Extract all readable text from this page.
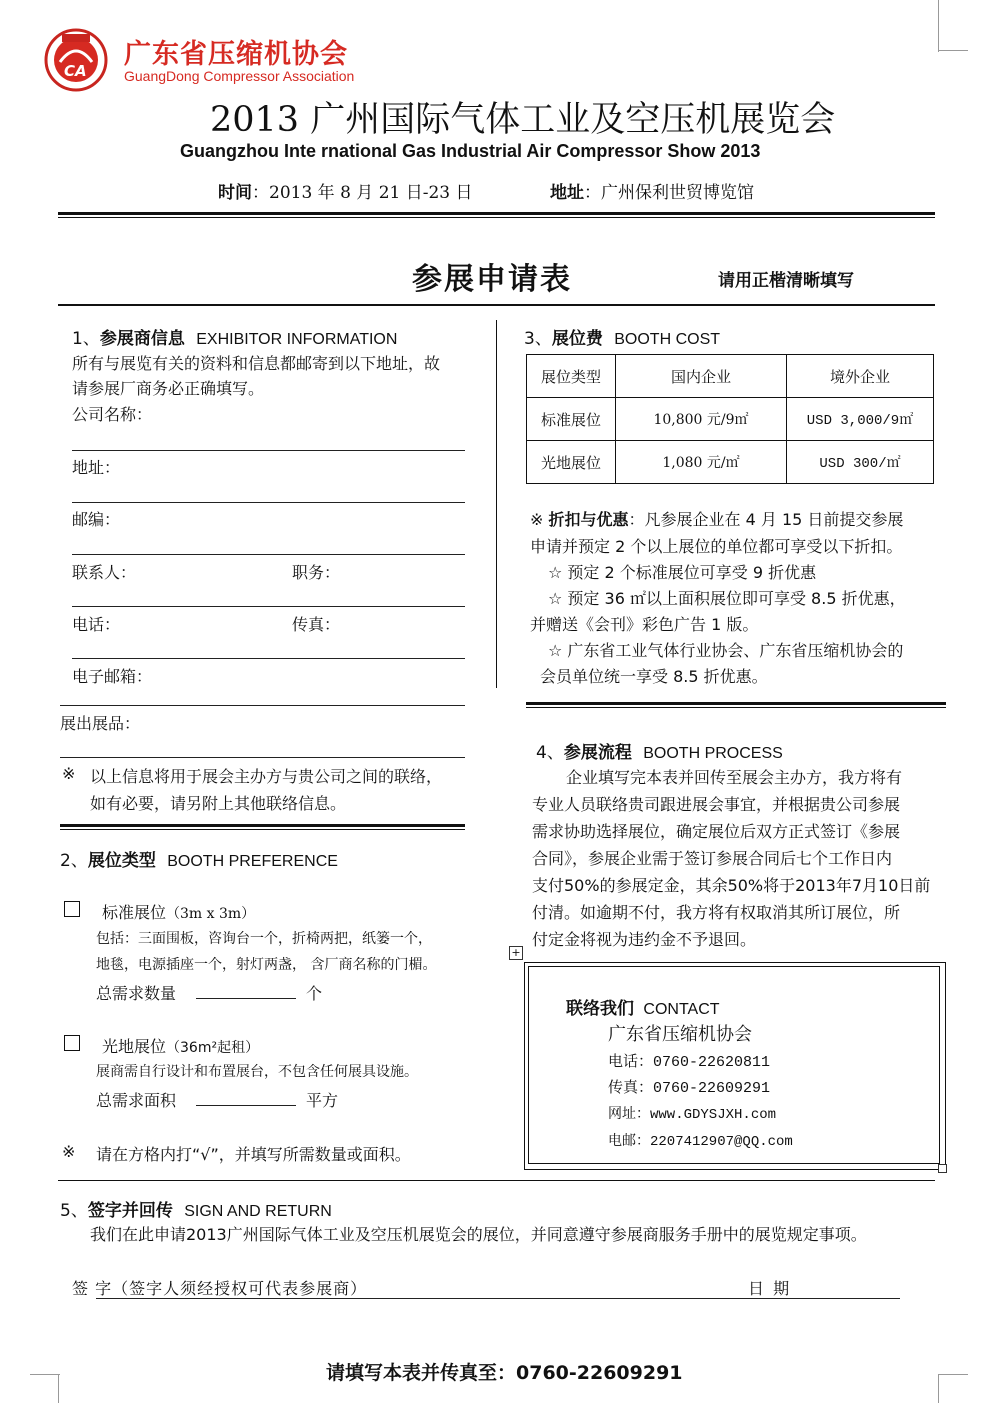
CA
广东省压缩机协会
GuangDong Compressor Association
2013 广州国际气体工业及空压机展览会
Guangzhou Inte rnational Gas Industrial Air Compressor Show 2013
时间：2013 年 8 月 21 日-23 日	地址：广州保利世贸博览馆
参展申请表	请用正楷清晰填写
1、参展商信息 EXHIBITOR INFORMATION
所有与展览有关的资料和信息都邮寄到以下地址，故
请参展厂商务必正确填写。
公司名称：
地址：
邮编：
联系人：	职务：
电话：	传真：
电子邮箱：
展出展品：
※ 以上信息将用于展会主办方与贵公司之间的联络，
如有必要，请另附上其他联络信息。
2、展位类型 BOOTH PREFERENCE
标准展位（3m x 3m）
包括：三面围板，咨询台一个，折椅两把，纸篓一个，
地毯，电源插座一个，射灯两盏， 含厂商名称的门楣。
总需求数量	个
光地展位（36m²起租）
展商需自行设计和布置展台，不包含任何展具设施。
总需求面积	平方
※ 请在方格内打“√”，并填写所需数量或面积。
3、展位费 BOOTH COST
展位类型	国内企业	境外企业
标准展位	10,800 元/9㎡	USD 3,000/9㎡
光地展位	1,080 元/㎡	USD 300/㎡
※ 折扣与优惠：凡参展企业在 4 月 15 日前提交参展
申请并预定 2 个以上展位的单位都可享受以下折扣。
☆ 预定 2 个标准展位可享受 9 折优惠
☆ 预定 36 ㎡以上面积展位即可享受 8.5 折优惠，
并赠送《会刊》彩色广告 1 版。
☆ 广东省工业气体行业协会、广东省压缩机协会的
会员单位统一享受 8.5 折优惠。
4、参展流程 BOOTH PROCESS
企业填写完本表并回传至展会主办方，我方将有
专业人员联络贵司跟进展会事宜，并根据贵公司参展
需求协助选择展位，确定展位后双方正式签订《参展
合同》，参展企业需于签订参展合同后七个工作日内
支付50%的参展定金，其余50%将于2013年7月10日前
付清。如逾期不付，我方将有权取消其所订展位，所
付定金将视为违约金不予退回。
+
联络我们 CONTACT
广东省压缩机协会
电话：0760-22620811
传真：0760-22609291
网址：www.GDYSJXH.com
电邮：2207412907@QQ.com
5、签字并回传 SIGN AND RETURN
我们在此申请2013广州国际气体工业及空压机展览会的展位，并同意遵守参展商服务手册中的展览规定事项。
签 字（签字人须经授权可代表参展商）	日 期
请填写本表并传真至：0760-22609291
